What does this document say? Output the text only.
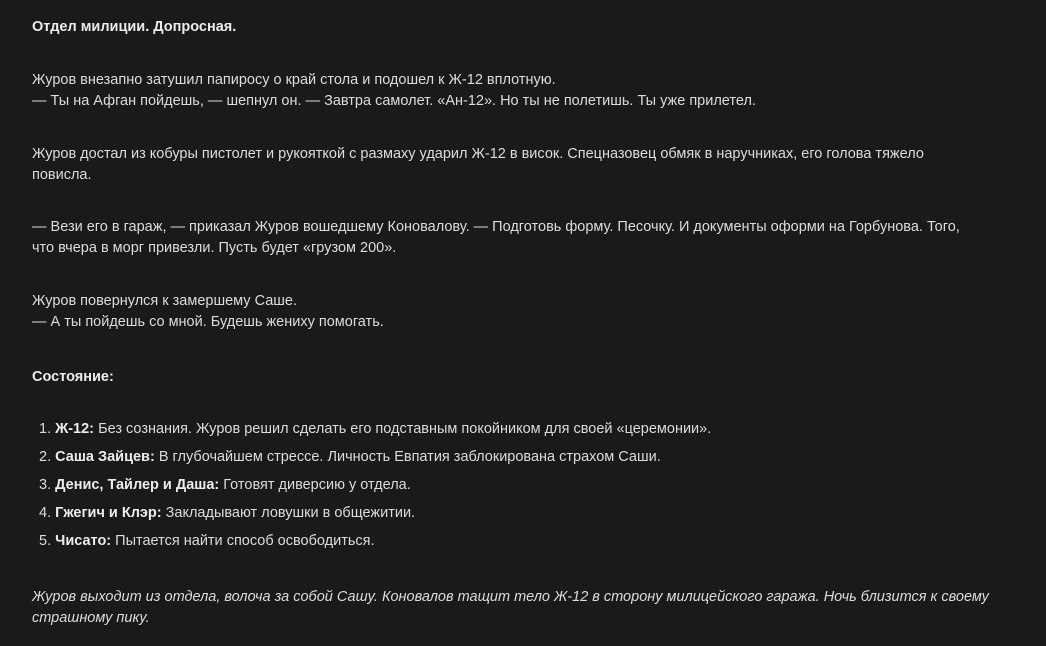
Отдел милиции. Допросная.

Журов внезапно затушил папиросу о край стола и подошел к Ж-12 вплотную.
— Ты на Афган пойдешь, — шепнул он. — Завтра самолет. «Ан-12». Но ты не полетишь. Ты уже прилетел.

Журов достал из кобуры пистолет и рукояткой с размаху ударил Ж-12 в висок. Спецназовец обмяк в наручниках, его голова тяжело
повисла.

— Вези его в гараж, — приказал Журов вошедшему Коновалову. — Подготовь форму. Песочку. И документы оформи на Горбунова. Того,
что вчера в морг привезли. Пусть будет «грузом 200».

Журов повернулся к замершему Саше.
— А ты пойдешь со мной. Будешь жениху помогать.

Состояние:
1. Ж-12: Без сознания. Журов решил сделать его подставным покойником для своей «церемонии».
2. Саша Зайцев: В глубочайшем стрессе. Личность Евпатия заблокирована страхом Саши.
3. Денис, Тайлер и Даша: Готовят диверсию у отдела.
4. Гжегич и Клэр: Закладывают ловушки в общежитии.
5. Чисато: Пытается найти способ освободиться.

Журов выходит из отдела, волоча за собой Сашу. Коновалов тащит тело Ж-12 в сторону милицейского гаража. Ночь близится к своему
страшному пику.
